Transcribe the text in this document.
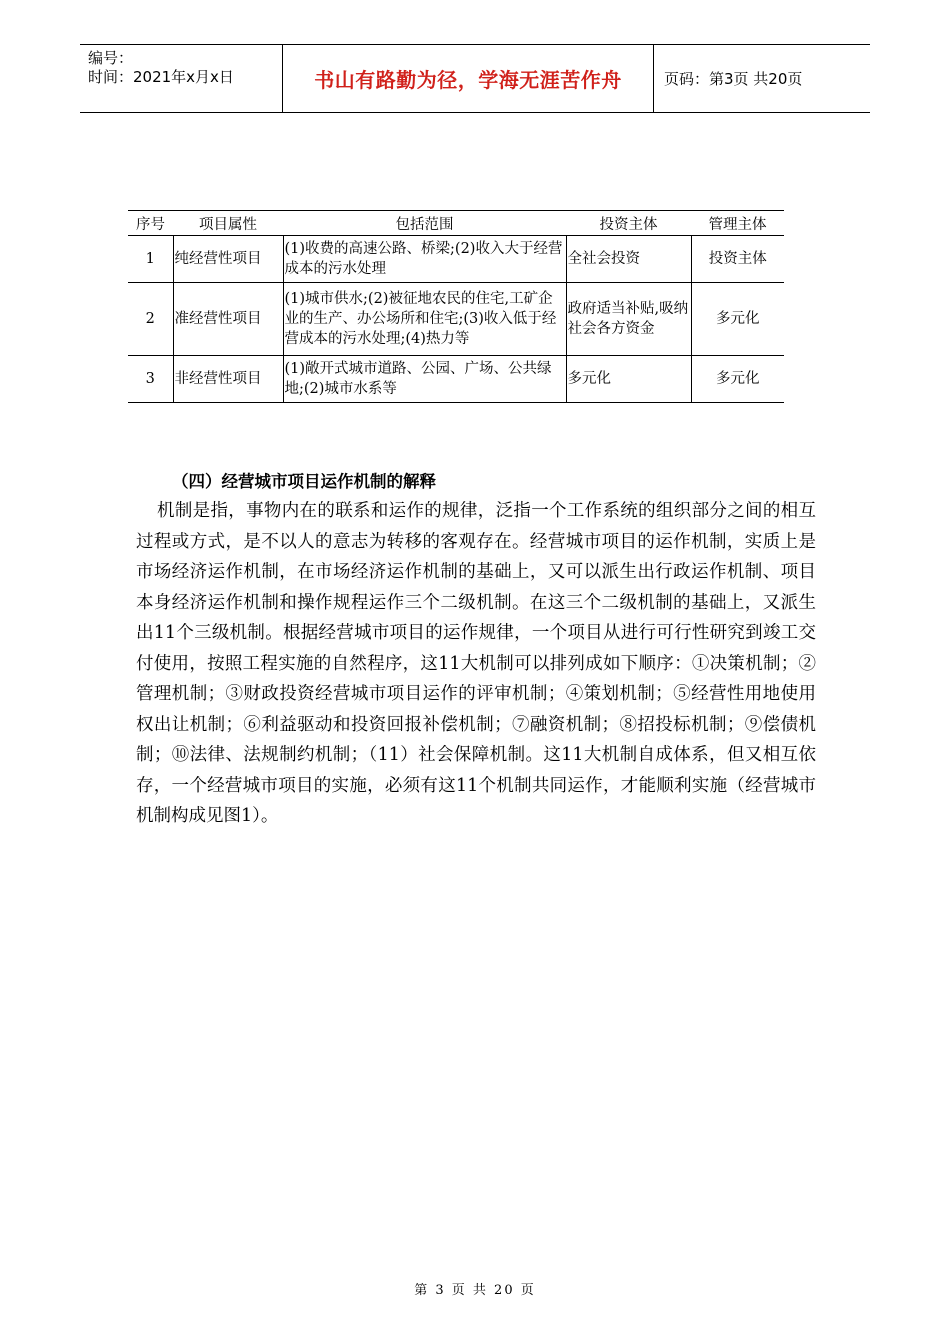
编号：
时间：2021年x月x日	书山有路勤为径，学海无涯苦作舟	页码：第3页 共20页
序号	项目属性	包括范围	投资主体	管理主体
1	纯经营性项目	(1)收费的高速公路、桥梁;(2)收入大于经营成本的污水处理	全社会投资	投资主体
2	准经营性项目	(1)城市供水;(2)被征地农民的住宅,工矿企业的生产、办公场所和住宅;(3)收入低于经营成本的污水处理;(4)热力等	政府适当补贴,吸纳社会各方资金	多元化
3	非经营性项目	(1)敞开式城市道路、公园、广场、公共绿地;(2)城市水系等	多元化	多元化
（四）经营城市项目运作机制的解释

机制是指，事物内在的联系和运作的规律，泛指一个工作系统的组织部分之间的相互过程或方式，是不以人的意志为转移的客观存在。经营城市项目的运作机制，实质上是市场经济运作机制，在市场经济运作机制的基础上，又可以派生出行政运作机制、项目本身经济运作机制和操作规程运作三个二级机制。在这三个二级机制的基础上，又派生出11个三级机制。根据经营城市项目的运作规律，一个项目从进行可行性研究到竣工交付使用，按照工程实施的自然程序，这11大机制可以排列成如下顺序：①决策机制；②管理机制；③财政投资经营城市项目运作的评审机制；④策划机制；⑤经营性用地使用权出让机制；⑥利益驱动和投资回报补偿机制；⑦融资机制；⑧招投标机制；⑨偿债机制；⑩法律、法规制约机制；（11）社会保障机制。这11大机制自成体系，但又相互依存，一个经营城市项目的实施，必须有这11个机制共同运作，才能顺利实施（经营城市机制构成见图1）。

第 3 页 共 20 页
